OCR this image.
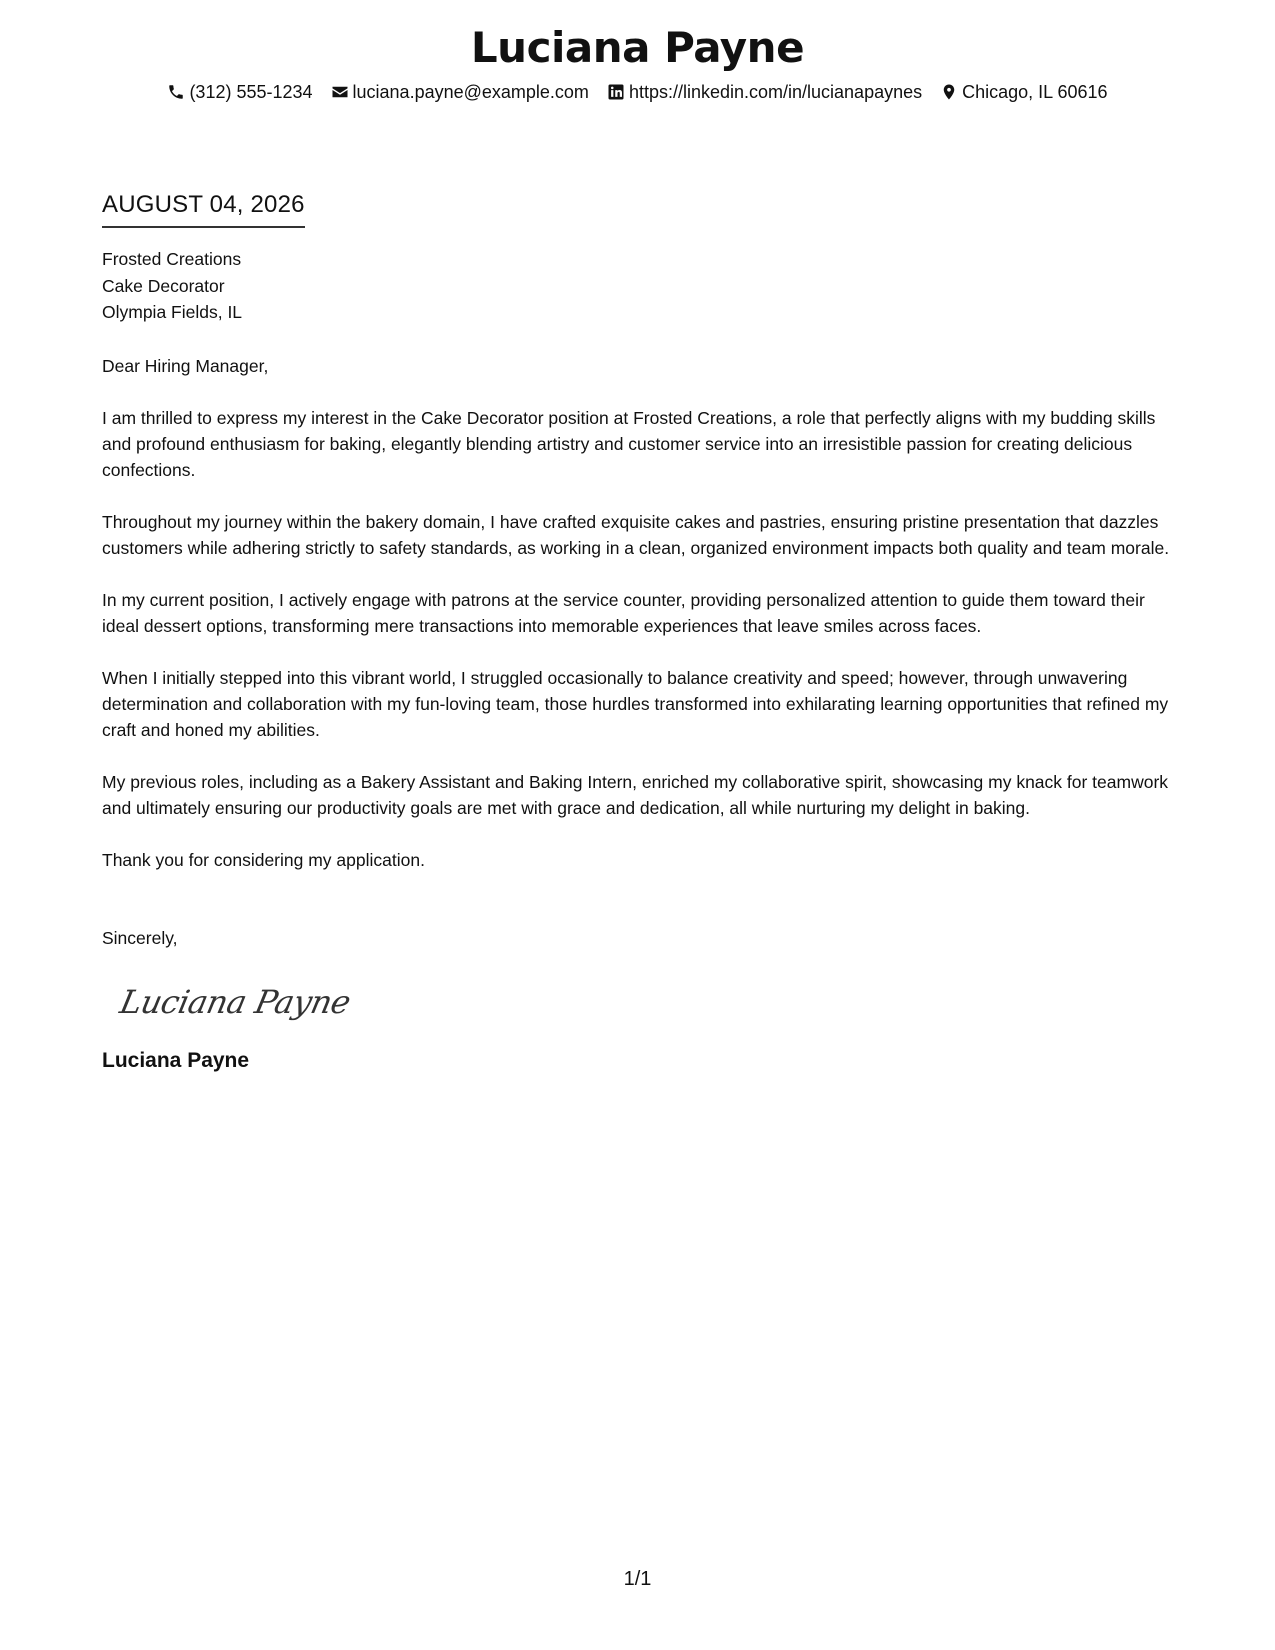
Luciana Payne
(312) 555-1234 luciana.payne@example.com https://linkedin.com/in/lucianapaynes Chicago, IL 60616
AUGUST 04, 2026
Frosted Creations
Cake Decorator
Olympia Fields, IL
Dear Hiring Manager,
I am thrilled to express my interest in the Cake Decorator position at Frosted Creations, a role that perfectly aligns with my budding skills and profound enthusiasm for baking, elegantly blending artistry and customer service into an irresistible passion for creating delicious confections.
Throughout my journey within the bakery domain, I have crafted exquisite cakes and pastries, ensuring pristine presentation that dazzles customers while adhering strictly to safety standards, as working in a clean, organized environment impacts both quality and team morale.
In my current position, I actively engage with patrons at the service counter, providing personalized attention to guide them toward their ideal dessert options, transforming mere transactions into memorable experiences that leave smiles across faces.
When I initially stepped into this vibrant world, I struggled occasionally to balance creativity and speed; however, through unwavering determination and collaboration with my fun-loving team, those hurdles transformed into exhilarating learning opportunities that refined my craft and honed my abilities.
My previous roles, including as a Bakery Assistant and Baking Intern, enriched my collaborative spirit, showcasing my knack for teamwork and ultimately ensuring our productivity goals are met with grace and dedication, all while nurturing my delight in baking.
Thank you for considering my application.
Sincerely,
Luciana Payne
Luciana Payne
1/1
